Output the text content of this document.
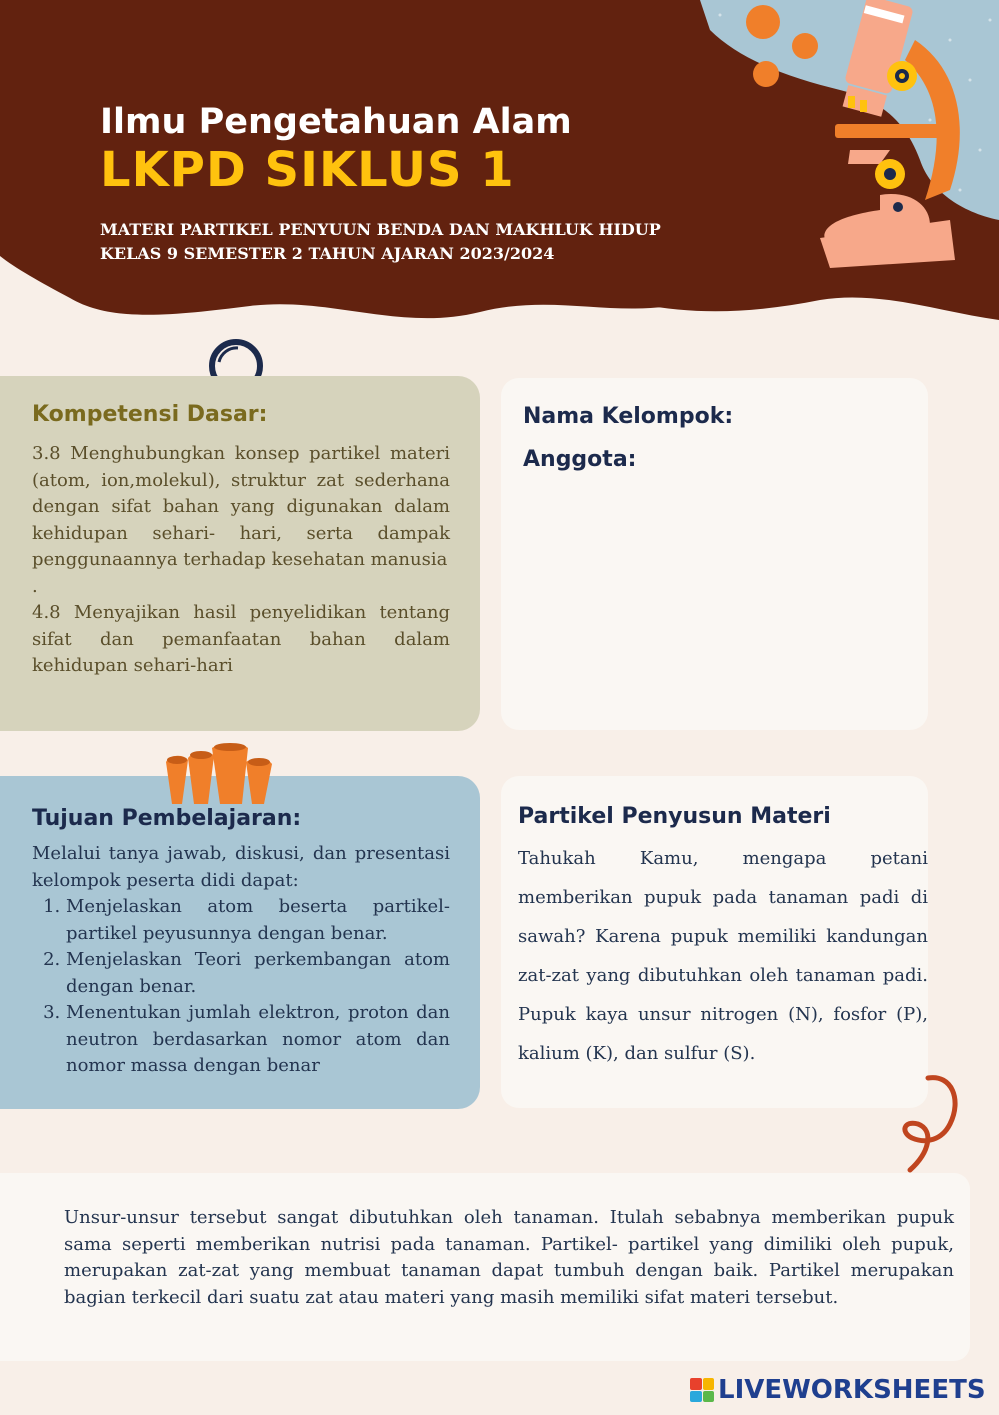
Ilmu Pengetahuan Alam
LKPD SIKLUS 1

MATERI PARTIKEL PENYUUN BENDA DAN MAKHLUK HIDUP

KELAS 9 SEMESTER 2 TAHUN AJARAN 2023/2024

Kompetensi Dasar:

3.8 Menghubungkan konsep partikel materi (atom, ion,molekul), struktur zat sederhana dengan sifat bahan yang digunakan dalam kehidupan sehari- hari, serta dampak penggunaannya terhadap kesehatan manusia

.

4.8 Menyajikan hasil penyelidikan tentang sifat dan pemanfaatan bahan dalam kehidupan sehari-hari

Nama Kelompok:
Anggota:
Tujuan Pembelajaran:

Melalui tanya jawab, diskusi, dan presentasi kelompok peserta didi dapat:

1. Menjelaskan atom beserta partikel-partikel peyusunnya dengan benar.
2. Menjelaskan Teori perkembangan atom dengan benar.
3. Menentukan jumlah elektron, proton dan neutron berdasarkan nomor atom dan nomor massa dengan benar
Partikel Penyusun Materi

Tahukah Kamu, mengapa petani memberikan pupuk pada tanaman padi di sawah? Karena pupuk memiliki kandungan zat-zat yang dibutuhkan oleh tanaman padi. Pupuk kaya unsur nitrogen (N), fosfor (P), kalium (K), dan sulfur (S).

Unsur-unsur tersebut sangat dibutuhkan oleh tanaman. Itulah sebabnya memberikan pupuk sama seperti memberikan nutrisi pada tanaman. Partikel- partikel yang dimiliki oleh pupuk, merupakan zat-zat yang membuat tanaman dapat tumbuh dengan baik. Partikel merupakan bagian terkecil dari suatu zat atau materi yang masih memiliki sifat materi tersebut.

LIVEWORKSHEETS
